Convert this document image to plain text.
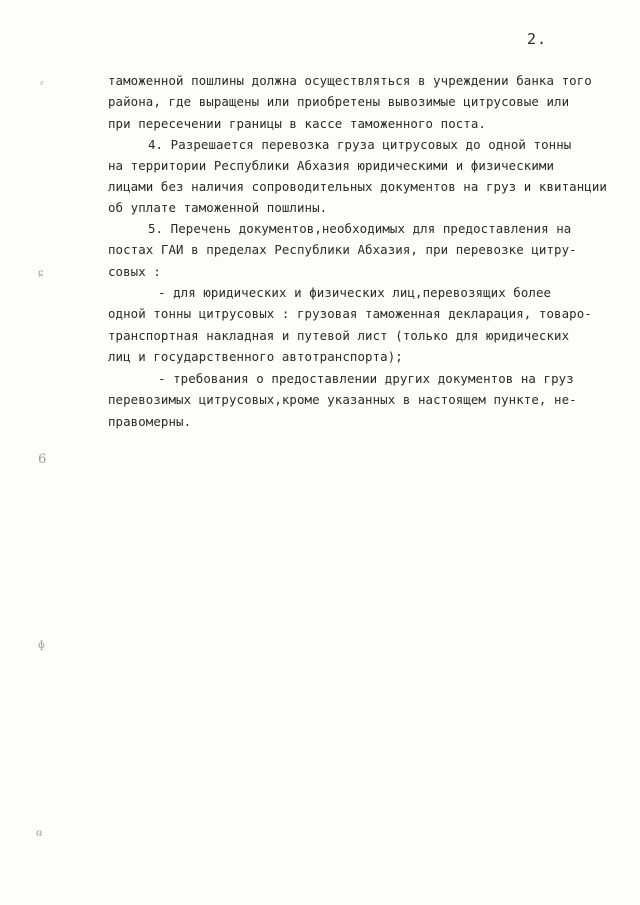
2.
ᶻ
ɕ
6
ɸ
ɞ
таможенной пошлины должна осуществляться в учреждении банка того
района, где выращены или приобретены вывозимые цитрусовые или
при пересечении границы в кассе таможенного поста.
4. Разрешается перевозка груза цитрусовых до одной тонны
на территории Республики Абхазия юридическими и физическими
лицами без наличия сопроводительных документов на груз и квитанции
об уплате таможенной пошлины.
5. Перечень документов,необходимых для предоставления на
постах ГАИ в пределах Республики Абхазия, при перевозке цитру-
совых :
- для юридических и физических лиц,перевозящих более
одной тонны цитрусовых : грузовая таможенная декларация, товаро-
транспортная накладная и путевой лист (только для юридических
лиц и государственного автотранспорта);
- требования о предоставлении других документов на груз
перевозимых цитрусовых,кроме указанных в настоящем пункте, не-
правомерны.
